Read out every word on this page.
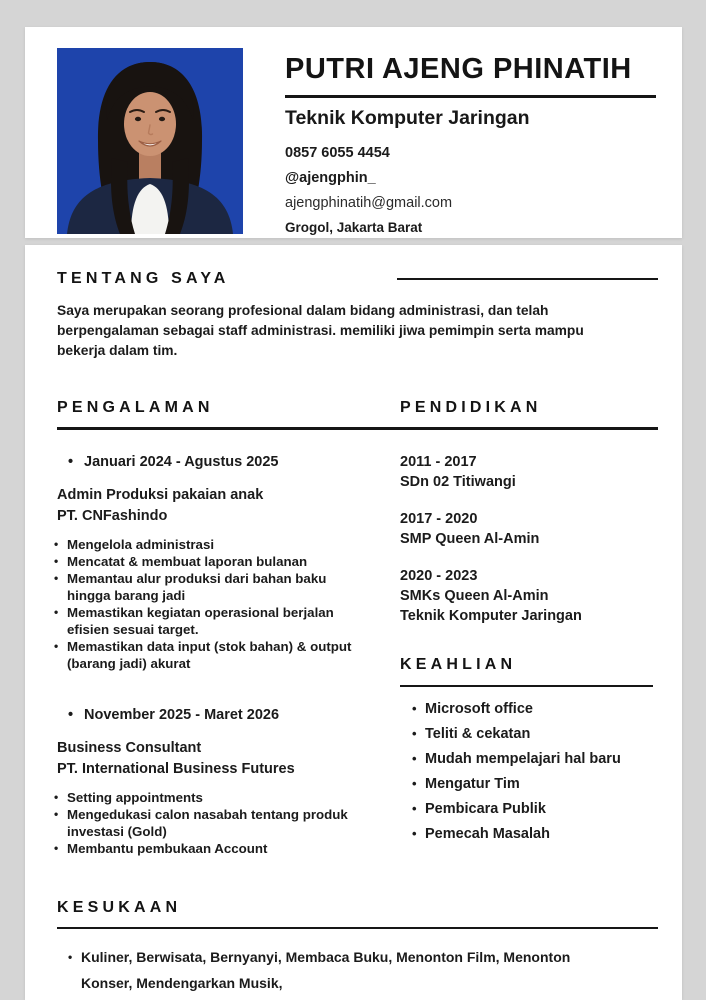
PUTRI AJENG PHINATIH
Teknik Komputer Jaringan
0857 6055 4454
@ajengphin_
ajengphinatih@gmail.com
Grogol, Jakarta Barat
TENTANG SAYA

Saya merupakan seorang profesional dalam bidang administrasi, dan telah berpengalaman sebagai staff administrasi. memiliki jiwa pemimpin serta mampu bekerja dalam tim.

PENGALAMAN	PENDIDIKAN
• Januari 2024 - Agustus 2025
Admin Produksi pakaian anak
PT. CNFashindo
• Mengelola administrasi
• Mencatat & membuat laporan bulanan
• Memantau alur produksi dari bahan baku hingga barang jadi
• Memastikan kegiatan operasional berjalan efisien sesuai target.
• Memastikan data input (stok bahan) & output (barang jadi) akurat
• November 2025 - Maret 2026
Business Consultant
PT. International Business Futures
• Setting appointments
• Mengedukasi calon nasabah tentang produk investasi (Gold)
• Membantu pembukaan Account
2011 - 2017
SDn 02 Titiwangi
2017 - 2020
SMP Queen Al-Amin
2020 - 2023
SMKs Queen Al-Amin
Teknik Komputer Jaringan
KEAHLIAN
• Microsoft office
• Teliti & cekatan
• Mudah mempelajari hal baru
• Mengatur Tim
• Pembicara Publik
• Pemecah Masalah
KESUKAAN
• Kuliner, Berwisata, Bernyanyi, Membaca Buku, Menonton Film, Menonton Konser, Mendengarkan Musik,
